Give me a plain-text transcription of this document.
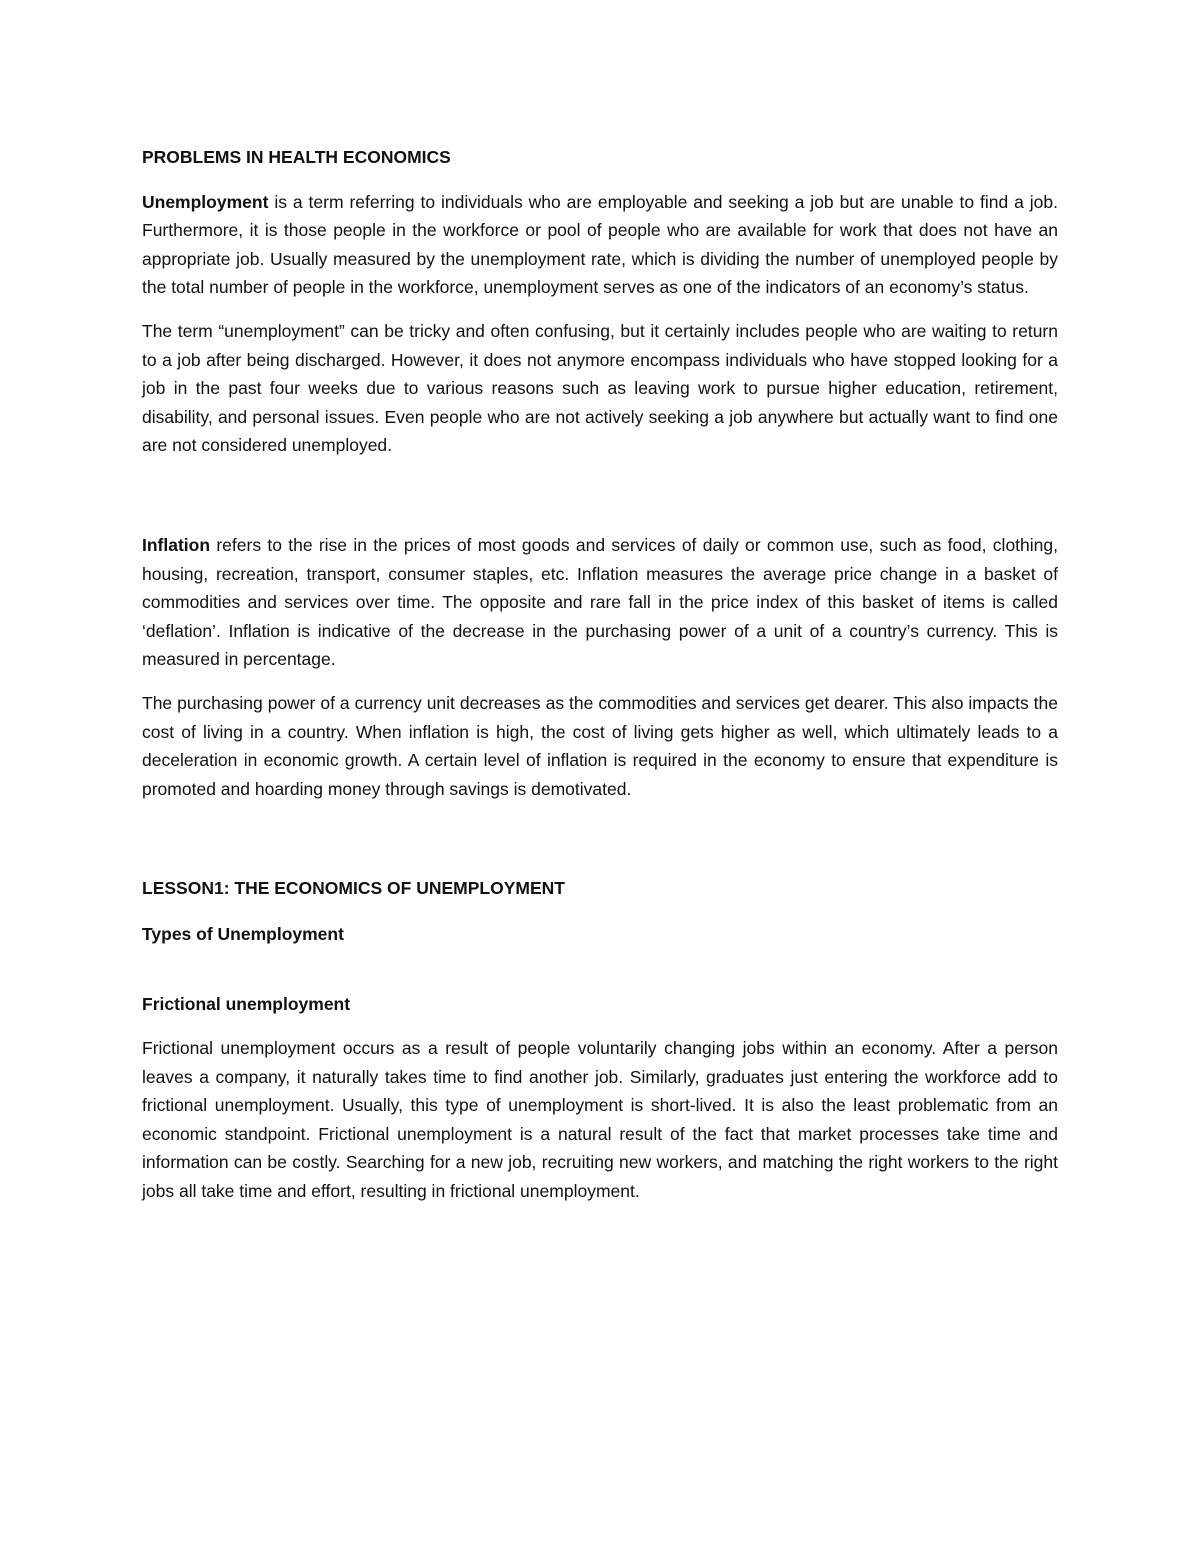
PROBLEMS IN HEALTH ECONOMICS

Unemployment is a term referring to individuals who are employable and seeking a job but are unable to find a job. Furthermore, it is those people in the workforce or pool of people who are available for work that does not have an appropriate job. Usually measured by the unemployment rate, which is dividing the number of unemployed people by the total number of people in the workforce, unemployment serves as one of the indicators of an economy’s status.

The term “unemployment” can be tricky and often confusing, but it certainly includes people who are waiting to return to a job after being discharged. However, it does not anymore encompass individuals who have stopped looking for a job in the past four weeks due to various reasons such as leaving work to pursue higher education, retirement, disability, and personal issues. Even people who are not actively seeking a job anywhere but actually want to find one are not considered unemployed.

Inflation refers to the rise in the prices of most goods and services of daily or common use, such as food, clothing, housing, recreation, transport, consumer staples, etc. Inflation measures the average price change in a basket of commodities and services over time. The opposite and rare fall in the price index of this basket of items is called ‘deflation’. Inflation is indicative of the decrease in the purchasing power of a unit of a country’s currency. This is measured in percentage.

The purchasing power of a currency unit decreases as the commodities and services get dearer. This also impacts the cost of living in a country. When inflation is high, the cost of living gets higher as well, which ultimately leads to a deceleration in economic growth. A certain level of inflation is required in the economy to ensure that expenditure is promoted and hoarding money through savings is demotivated.

LESSON1: THE ECONOMICS OF UNEMPLOYMENT
Types of Unemployment
Frictional unemployment

Frictional unemployment occurs as a result of people voluntarily changing jobs within an economy. After a person leaves a company, it naturally takes time to find another job. Similarly, graduates just entering the workforce add to frictional unemployment. Usually, this type of unemployment is short-lived. It is also the least problematic from an economic standpoint. Frictional unemployment is a natural result of the fact that market processes take time and information can be costly. Searching for a new job, recruiting new workers, and matching the right workers to the right jobs all take time and effort, resulting in frictional unemployment.
